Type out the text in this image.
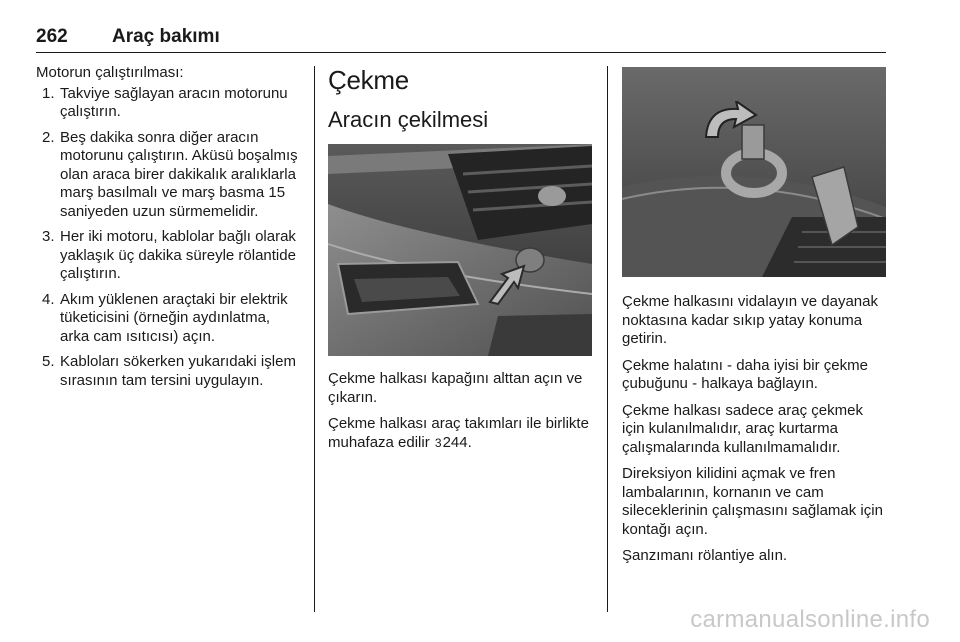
262 Araç bakımı

Motorun çalıştırılması:

1. Takviye sağlayan aracın motorunu çalıştırın.
2. Beş dakika sonra diğer aracın motorunu çalıştırın. Aküsü boşalmış olan araca birer dakikalık aralıklarla marş basılmalı ve marş basma 15 saniyeden uzun sürmemelidir.
3. Her iki motoru, kablolar bağlı olarak yaklaşık üç dakika süreyle rölantide çalıştırın.
4. Akım yüklenen araçtaki bir elektrik tüketicisini (örneğin aydınlatma, arka cam ısıtıcısı) açın.
5. Kabloları sökerken yukarıdaki işlem sırasının tam tersini uygulayın.
Çekme
Aracın çekilmesi

Çekme halkası kapağını alttan açın ve çıkarın.

Çekme halkası araç takımları ile birlikte muhafaza edilir 3244.

Çekme halkasını vidalayın ve dayanak noktasına kadar sıkıp yatay konuma getirin.

Çekme halatını - daha iyisi bir çekme çubuğunu - halkaya bağlayın.

Çekme halkası sadece araç çekmek için kulanılmalıdır, araç kurtarma çalışmalarında kullanılmamalıdır.

Direksiyon kilidini açmak ve fren lambalarının, kornanın ve cam sileceklerinin çalışmasını sağlamak için kontağı açın.

Şanzımanı rölantiye alın.

carmanualsonline.info
